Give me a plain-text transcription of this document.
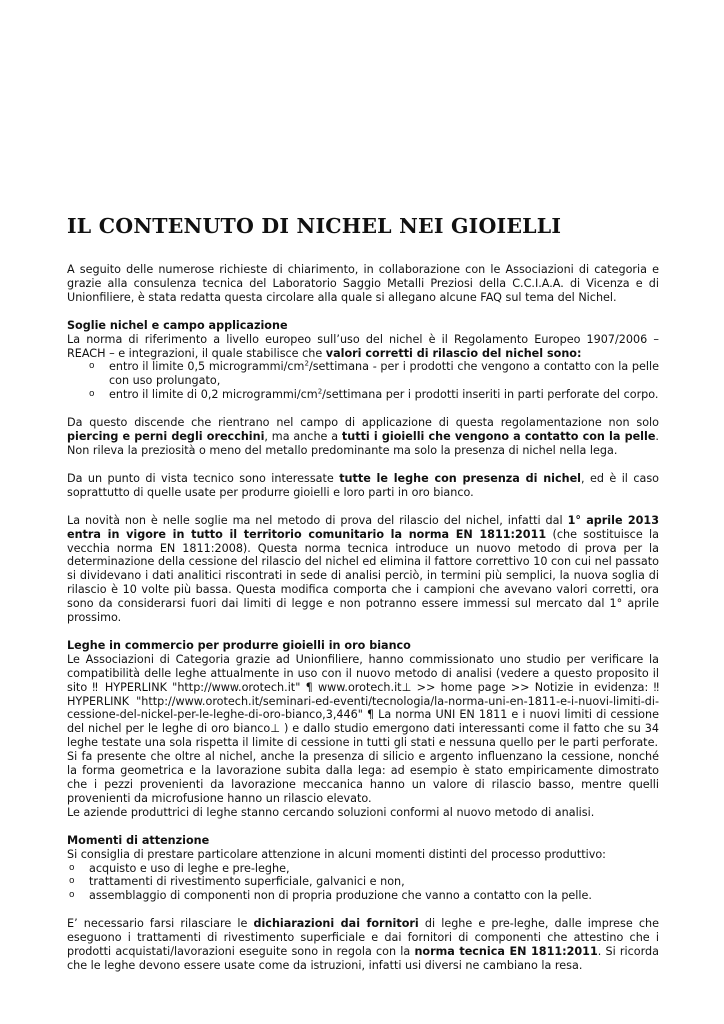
IL CONTENUTO DI NICHEL NEI GIOIELLI

A seguito delle numerose richieste di chiarimento, in collaborazione con le Associazioni di categoria e grazie alla consulenza tecnica del Laboratorio Saggio Metalli Preziosi della C.C.I.A.A. di Vicenza e di Unionfiliere, è stata redatta questa circolare alla quale si allegano alcune FAQ sul tema del Nichel.

Soglie nichel e campo applicazione

La norma di riferimento a livello europeo sull’uso del nichel è il Regolamento Europeo 1907/2006 – REACH – e integrazioni, il quale stabilisce che valori corretti di rilascio del nichel sono:

o entro il limite 0,5 microgrammi/$cm^2$/settimana - per i prodotti che vengono a contatto con la pelle con uso prolungato,
o entro il limite di 0,2 microgrammi/$cm^2$/settimana per i prodotti inseriti in parti perforate del corpo.

Da questo discende che rientrano nel campo di applicazione di questa regolamentazione non solo piercing e perni degli orecchini, ma anche a tutti i gioielli che vengono a contatto con la pelle. Non rileva la preziosità o meno del metallo predominante ma solo la presenza di nichel nella lega.

Da un punto di vista tecnico sono interessate tutte le leghe con presenza di nichel, ed è il caso soprattutto di quelle usate per produrre gioielli e loro parti in oro bianco.

La novità non è nelle soglie ma nel metodo di prova del rilascio del nichel, infatti dal 1° aprile 2013 entra in vigore in tutto il territorio comunitario la norma EN 1811:2011 (che sostituisce la vecchia norma EN 1811:2008). Questa norma tecnica introduce un nuovo metodo di prova per la determinazione della cessione del rilascio del nichel ed elimina il fattore correttivo 10 con cui nel passato si dividevano i dati analitici riscontrati in sede di analisi perciò, in termini più semplici, la nuova soglia di rilascio è 10 volte più bassa. Questa modifica comporta che i campioni che avevano valori corretti, ora sono da considerarsi fuori dai limiti di legge e non potranno essere immessi sul mercato dal 1° aprile prossimo.

Leghe in commercio per produrre gioielli in oro bianco

Le Associazioni di Categoria grazie ad Unionfiliere, hanno commissionato uno studio per verificare la compatibilità delle leghe attualmente in uso con il nuovo metodo di analisi (vedere a questo proposito il sito ‼ HYPERLINK "http://www.orotech.it" ¶ www.orotech.it⊥ >> home page >> Notizie in evidenza: ‼ HYPERLINK "http://www.orotech.it/seminari-ed-eventi/tecnologia/la-norma-uni-en-1811-e-i-nuovi-limiti-di-cessione-del-nickel-per-le-leghe-di-oro-bianco,3,446" ¶ La norma UNI EN 1811 e i nuovi limiti di cessione del nichel per le leghe di oro bianco⊥ ) e dallo studio emergono dati interessanti come il fatto che su 34 leghe testate una sola rispetta il limite di cessione in tutti gli stati e nessuna quello per le parti perforate.

Si fa presente che oltre al nichel, anche la presenza di silicio e argento influenzano la cessione, nonché la forma geometrica e la lavorazione subita dalla lega: ad esempio è stato empiricamente dimostrato che i pezzi provenienti da lavorazione meccanica hanno un valore di rilascio basso, mentre quelli provenienti da microfusione hanno un rilascio elevato.

Le aziende produttrici di leghe stanno cercando soluzioni conformi al nuovo metodo di analisi.

Momenti di attenzione

Si consiglia di prestare particolare attenzione in alcuni momenti distinti del processo produttivo:

o acquisto e uso di leghe e pre-leghe,
o trattamenti di rivestimento superficiale, galvanici e non,
o assemblaggio di componenti non di propria produzione che vanno a contatto con la pelle.

E’ necessario farsi rilasciare le dichiarazioni dai fornitori di leghe e pre-leghe, dalle imprese che eseguono i trattamenti di rivestimento superficiale e dai fornitori di componenti che attestino che i prodotti acquistati/lavorazioni eseguite sono in regola con la norma tecnica EN 1811:2011. Si ricorda che le leghe devono essere usate come da istruzioni, infatti usi diversi ne cambiano la resa.
